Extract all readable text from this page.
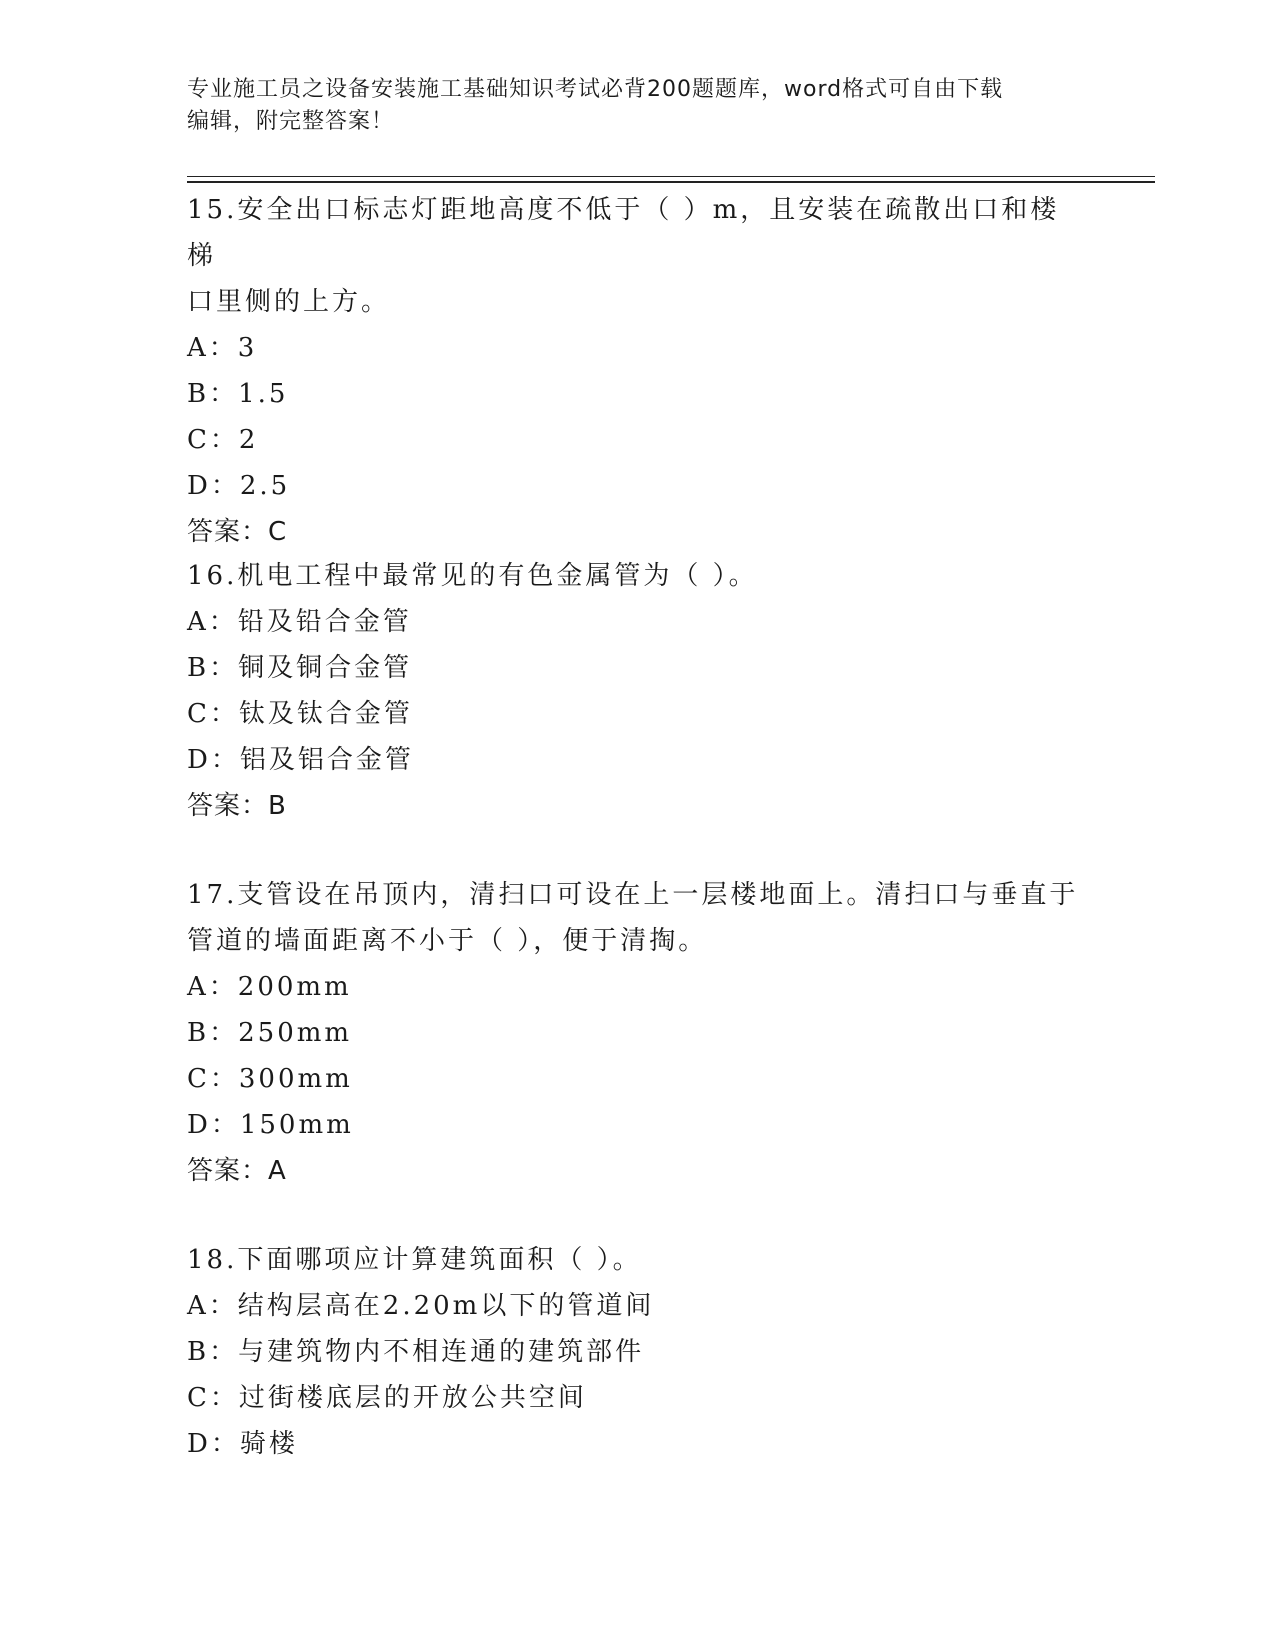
专业施工员之设备安装施工基础知识考试必背200题题库，word格式可自由下载
编辑，附完整答案！
15.安全出口标志灯距地高度不低于（ ）m，且安装在疏散出口和楼梯
口里侧的上方。
A：3
B：1.5
C：2
D：2.5
答案：C
16.机电工程中最常见的有色金属管为（ ）。
A：铅及铅合金管
B：铜及铜合金管
C：钛及钛合金管
D：铝及铝合金管
答案：B
17.支管设在吊顶内，清扫口可设在上一层楼地面上。清扫口与垂直于
管道的墙面距离不小于（ ），便于清掏。
A：200mm
B：250mm
C：300mm
D：150mm
答案：A
18.下面哪项应计算建筑面积（ ）。
A：结构层高在2.20m以下的管道间
B：与建筑物内不相连通的建筑部件
C：过街楼底层的开放公共空间
D：骑楼
